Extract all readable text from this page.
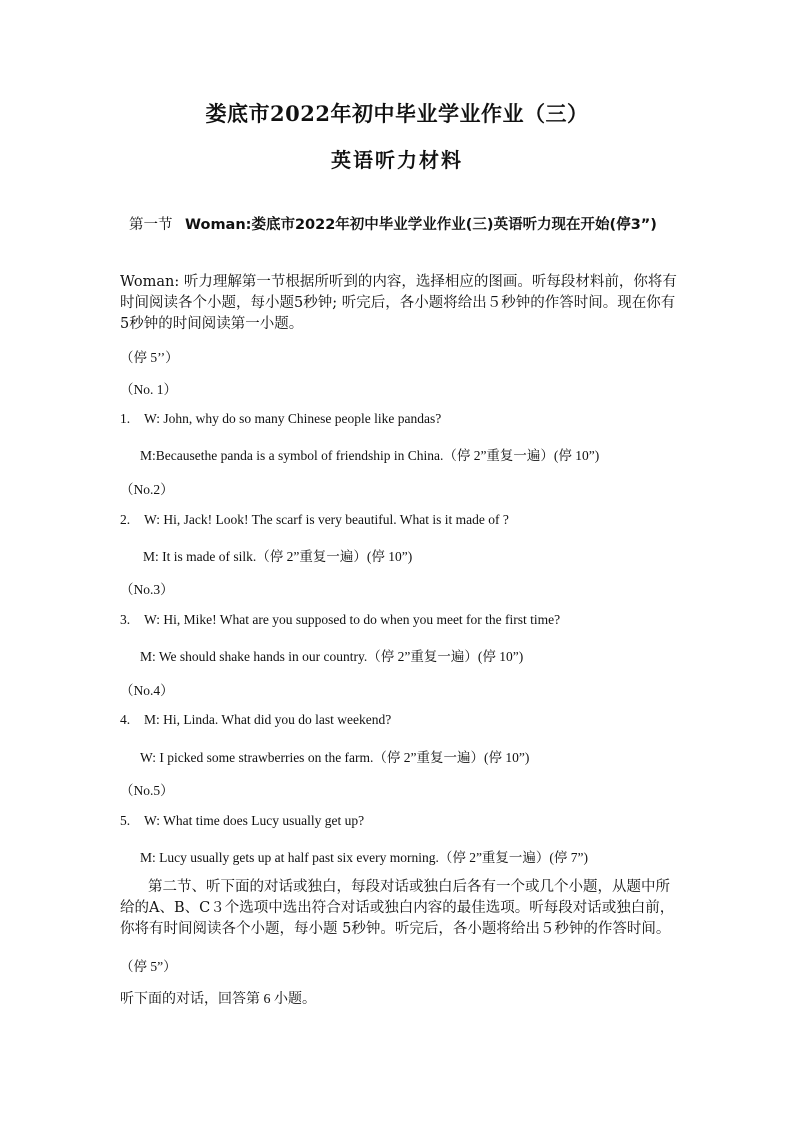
娄底市2022年初中毕业学业作业（三）
英语听力材料
第一节 Woman:娄底市2022年初中毕业学业作业(三)英语听力现在开始(停3”)
Woman: 听力理解第一节根据所听到的内容，选择相应的图画。听每段材料前，你将有时间阅读各个小题，每小题5秒钟; 听完后，各小题将给出５秒钟的作答时间。现在你有5秒钟的时间阅读第一小题。
（停 5’’）
（No. 1）
1. W: John, why do so many Chinese people like pandas?
M:Becausethe panda is a symbol of friendship in China.（停 2”重复一遍）(停 10”)
（No.2）
2. W: Hi, Jack! Look! The scarf is very beautiful. What is it made of ?
M: It is made of silk.（停 2”重复一遍）(停 10”)
（No.3）
3. W: Hi, Mike! What are you supposed to do when you meet for the first time?
M: We should shake hands in our country.（停 2”重复一遍）(停 10”)
（No.4）
4. M: Hi, Linda. What did you do last weekend?
W: I picked some strawberries on the farm.（停 2”重复一遍）(停 10”)
（No.5）
5. W: What time does Lucy usually get up?
M: Lucy usually gets up at half past six every morning.（停 2”重复一遍）(停 7”)
第二节、听下面的对话或独白，每段对话或独白后各有一个或几个小题，从题中所给的A、B、C３个选项中选出符合对话或独白内容的最佳选项。听每段对话或独白前，你将有时间阅读各个小题，每小题 5秒钟。听完后，各小题将给出５秒钟的作答时间。
（停 5”）
听下面的对话，回答第 6 小题。
